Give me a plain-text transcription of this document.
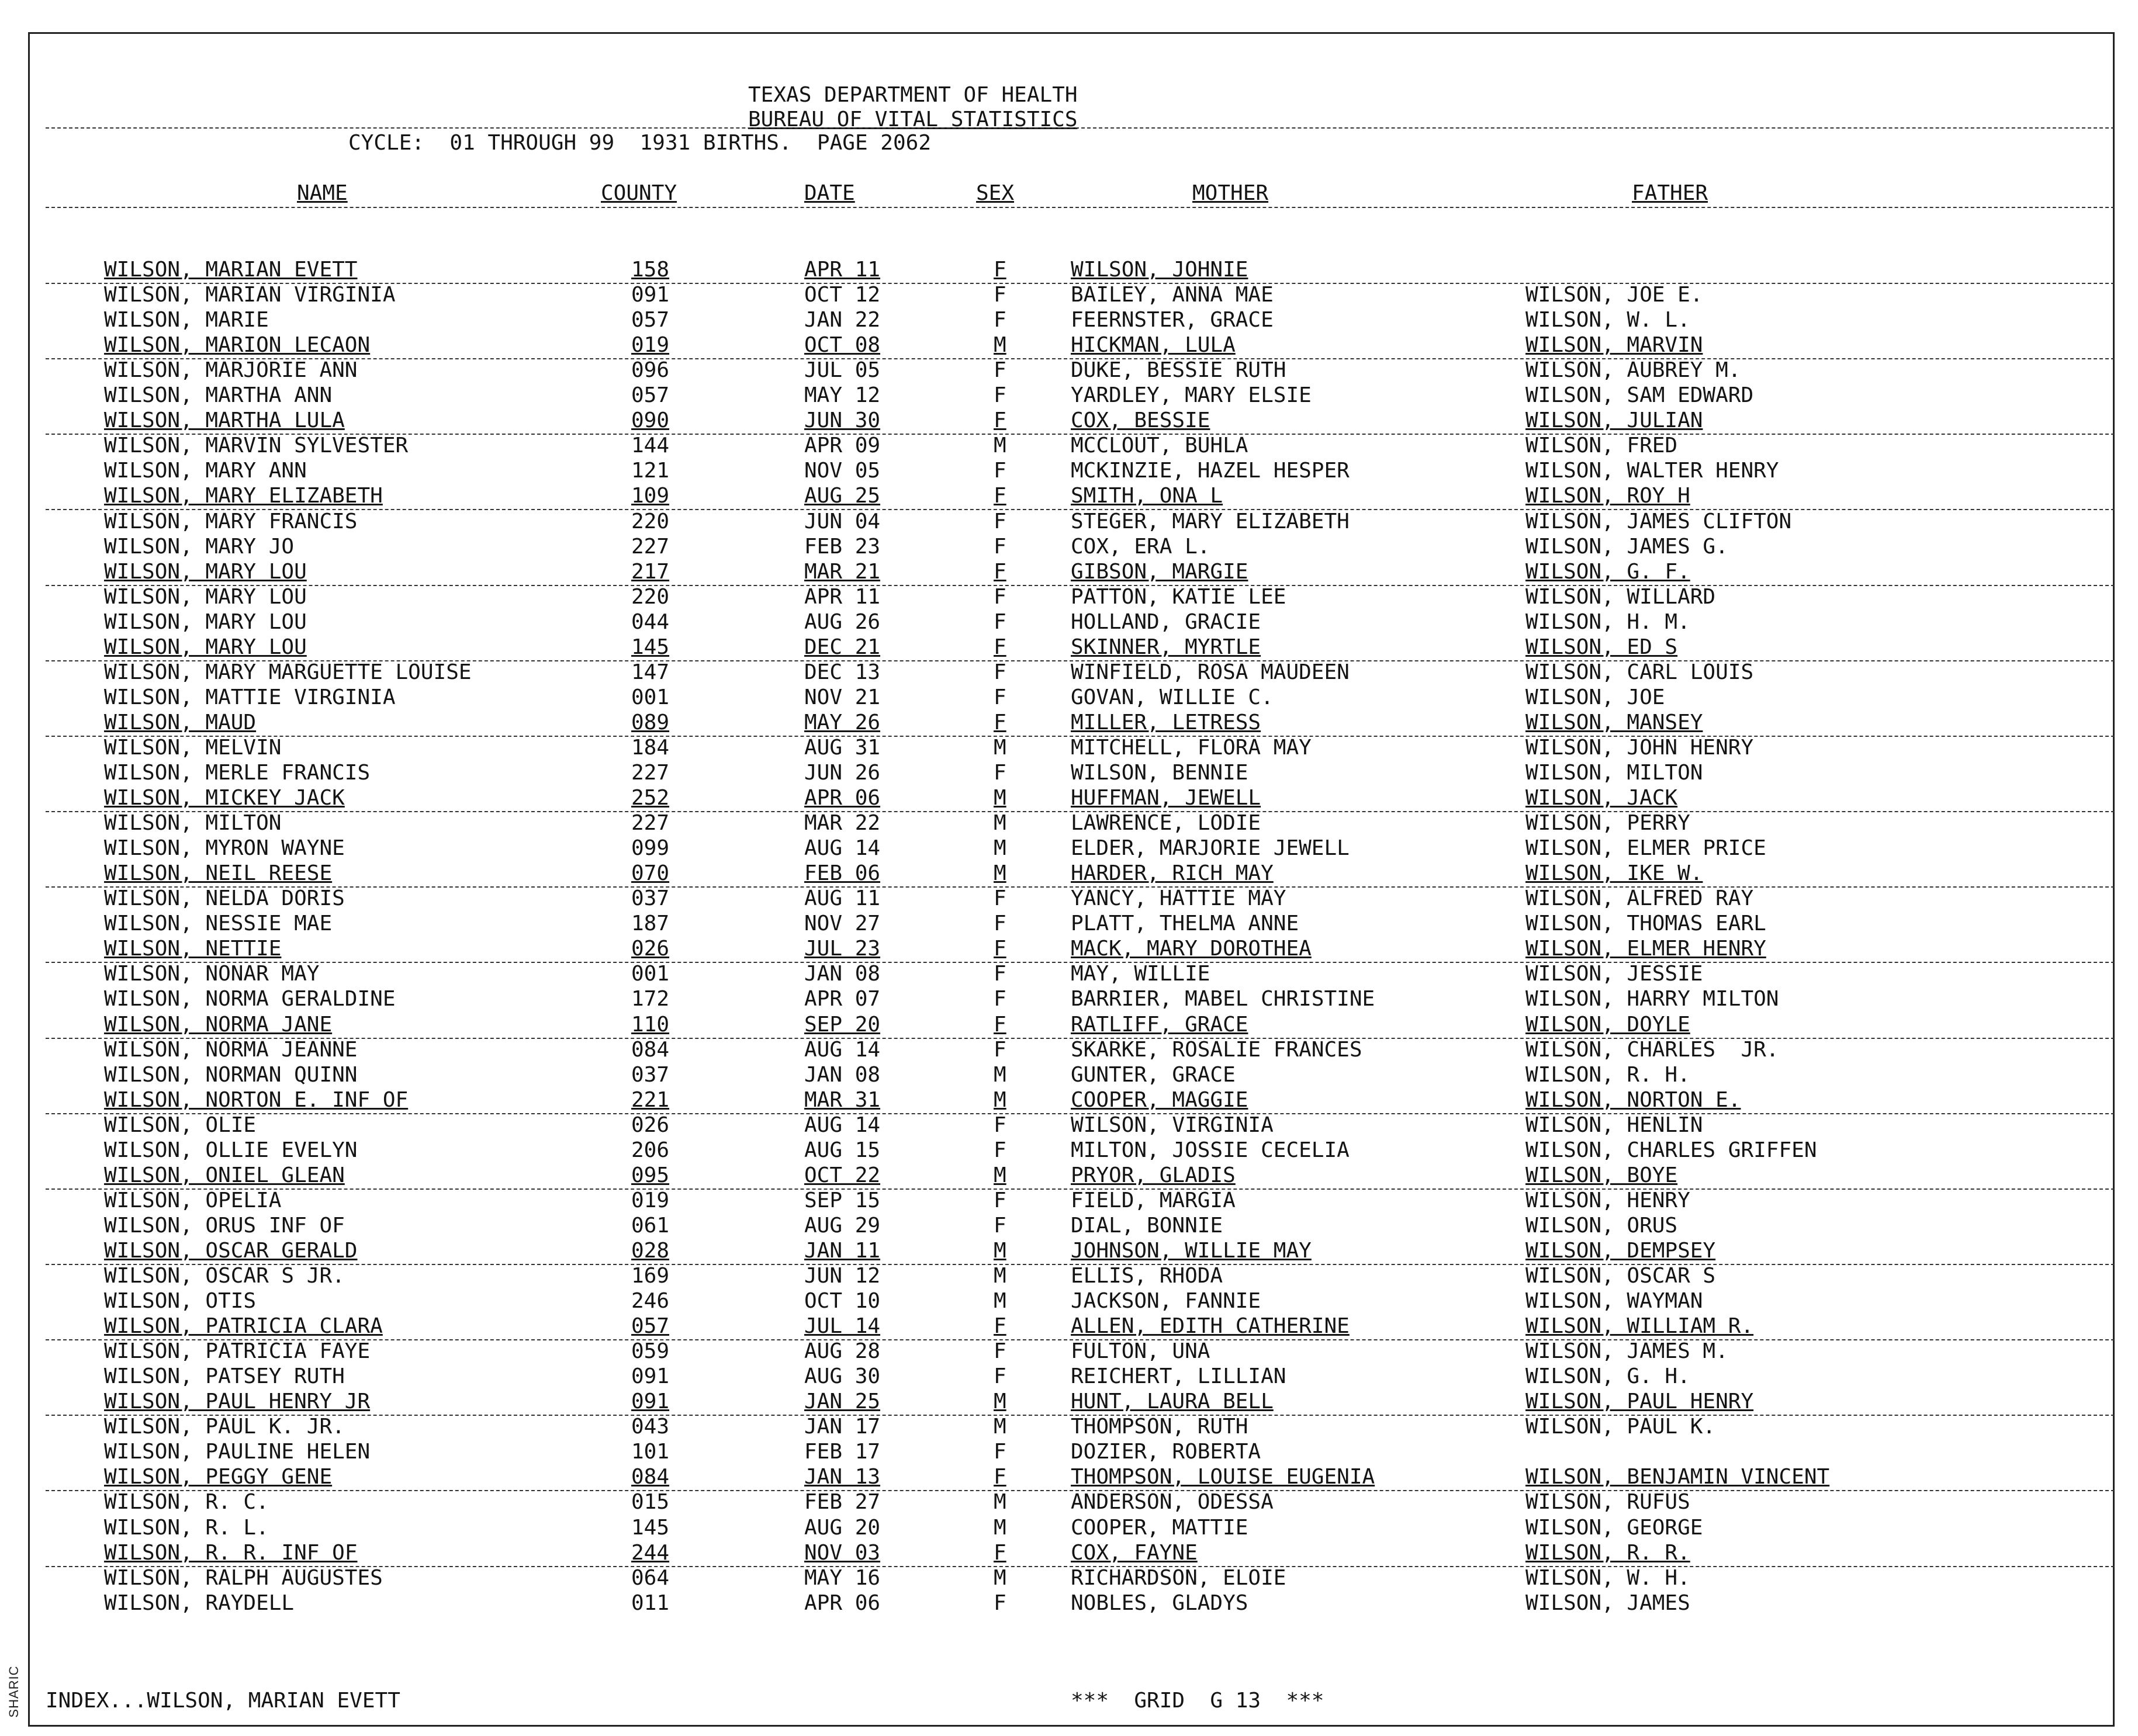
SHARIC
TEXAS DEPARTMENT OF HEALTH
BUREAU OF VITAL STATISTICS
CYCLE:  01 THROUGH 99  1931 BIRTHS.  PAGE 2062
NAME	COUNTY	DATE	SEX	MOTHER	FATHER
WILSON, MARIAN EVETT	158	APR 11	F	WILSON, JOHNIE
WILSON, MARIAN VIRGINIA	091	OCT 12	F	BAILEY, ANNA MAE	WILSON, JOE E.
WILSON, MARIE	057	JAN 22	F	FEERNSTER, GRACE	WILSON, W. L.
WILSON, MARION LECAON	019	OCT 08	M	HICKMAN, LULA	WILSON, MARVIN
WILSON, MARJORIE ANN	096	JUL 05	F	DUKE, BESSIE RUTH	WILSON, AUBREY M.
WILSON, MARTHA ANN	057	MAY 12	F	YARDLEY, MARY ELSIE	WILSON, SAM EDWARD
WILSON, MARTHA LULA	090	JUN 30	F	COX, BESSIE	WILSON, JULIAN
WILSON, MARVIN SYLVESTER	144	APR 09	M	MCCLOUT, BUHLA	WILSON, FRED
WILSON, MARY ANN	121	NOV 05	F	MCKINZIE, HAZEL HESPER	WILSON, WALTER HENRY
WILSON, MARY ELIZABETH	109	AUG 25	F	SMITH, ONA L	WILSON, ROY H
WILSON, MARY FRANCIS	220	JUN 04	F	STEGER, MARY ELIZABETH	WILSON, JAMES CLIFTON
WILSON, MARY JO	227	FEB 23	F	COX, ERA L.	WILSON, JAMES G.
WILSON, MARY LOU	217	MAR 21	F	GIBSON, MARGIE	WILSON, G. F.
WILSON, MARY LOU	220	APR 11	F	PATTON, KATIE LEE	WILSON, WILLARD
WILSON, MARY LOU	044	AUG 26	F	HOLLAND, GRACIE	WILSON, H. M.
WILSON, MARY LOU	145	DEC 21	F	SKINNER, MYRTLE	WILSON, ED S
WILSON, MARY MARGUETTE LOUISE	147	DEC 13	F	WINFIELD, ROSA MAUDEEN	WILSON, CARL LOUIS
WILSON, MATTIE VIRGINIA	001	NOV 21	F	GOVAN, WILLIE C.	WILSON, JOE
WILSON, MAUD	089	MAY 26	F	MILLER, LETRESS	WILSON, MANSEY
WILSON, MELVIN	184	AUG 31	M	MITCHELL, FLORA MAY	WILSON, JOHN HENRY
WILSON, MERLE FRANCIS	227	JUN 26	F	WILSON, BENNIE	WILSON, MILTON
WILSON, MICKEY JACK	252	APR 06	M	HUFFMAN, JEWELL	WILSON, JACK
WILSON, MILTON	227	MAR 22	M	LAWRENCE, LODIE	WILSON, PERRY
WILSON, MYRON WAYNE	099	AUG 14	M	ELDER, MARJORIE JEWELL	WILSON, ELMER PRICE
WILSON, NEIL REESE	070	FEB 06	M	HARDER, RICH MAY	WILSON, IKE W.
WILSON, NELDA DORIS	037	AUG 11	F	YANCY, HATTIE MAY	WILSON, ALFRED RAY
WILSON, NESSIE MAE	187	NOV 27	F	PLATT, THELMA ANNE	WILSON, THOMAS EARL
WILSON, NETTIE	026	JUL 23	F	MACK, MARY DOROTHEA	WILSON, ELMER HENRY
WILSON, NONAR MAY	001	JAN 08	F	MAY, WILLIE	WILSON, JESSIE
WILSON, NORMA GERALDINE	172	APR 07	F	BARRIER, MABEL CHRISTINE	WILSON, HARRY MILTON
WILSON, NORMA JANE	110	SEP 20	F	RATLIFF, GRACE	WILSON, DOYLE
WILSON, NORMA JEANNE	084	AUG 14	F	SKARKE, ROSALIE FRANCES	WILSON, CHARLES  JR.
WILSON, NORMAN QUINN	037	JAN 08	M	GUNTER, GRACE	WILSON, R. H.
WILSON, NORTON E. INF OF	221	MAR 31	M	COOPER, MAGGIE	WILSON, NORTON E.
WILSON, OLIE	026	AUG 14	F	WILSON, VIRGINIA	WILSON, HENLIN
WILSON, OLLIE EVELYN	206	AUG 15	F	MILTON, JOSSIE CECELIA	WILSON, CHARLES GRIFFEN
WILSON, ONIEL GLEAN	095	OCT 22	M	PRYOR, GLADIS	WILSON, BOYE
WILSON, OPELIA	019	SEP 15	F	FIELD, MARGIA	WILSON, HENRY
WILSON, ORUS INF OF	061	AUG 29	F	DIAL, BONNIE	WILSON, ORUS
WILSON, OSCAR GERALD	028	JAN 11	M	JOHNSON, WILLIE MAY	WILSON, DEMPSEY
WILSON, OSCAR S JR.	169	JUN 12	M	ELLIS, RHODA	WILSON, OSCAR S
WILSON, OTIS	246	OCT 10	M	JACKSON, FANNIE	WILSON, WAYMAN
WILSON, PATRICIA CLARA	057	JUL 14	F	ALLEN, EDITH CATHERINE	WILSON, WILLIAM R.
WILSON, PATRICIA FAYE	059	AUG 28	F	FULTON, UNA	WILSON, JAMES M.
WILSON, PATSEY RUTH	091	AUG 30	F	REICHERT, LILLIAN	WILSON, G. H.
WILSON, PAUL HENRY JR	091	JAN 25	M	HUNT, LAURA BELL	WILSON, PAUL HENRY
WILSON, PAUL K. JR.	043	JAN 17	M	THOMPSON, RUTH	WILSON, PAUL K.
WILSON, PAULINE HELEN	101	FEB 17	F	DOZIER, ROBERTA
WILSON, PEGGY GENE	084	JAN 13	F	THOMPSON, LOUISE EUGENIA	WILSON, BENJAMIN VINCENT
WILSON, R. C.	015	FEB 27	M	ANDERSON, ODESSA	WILSON, RUFUS
WILSON, R. L.	145	AUG 20	M	COOPER, MATTIE	WILSON, GEORGE
WILSON, R. R. INF OF	244	NOV 03	F	COX, FAYNE	WILSON, R. R.
WILSON, RALPH AUGUSTES	064	MAY 16	M	RICHARDSON, ELOIE	WILSON, W. H.
WILSON, RAYDELL	011	APR 06	F	NOBLES, GLADYS	WILSON, JAMES
INDEX...WILSON, MARIAN EVETT	***  GRID  G 13  ***
